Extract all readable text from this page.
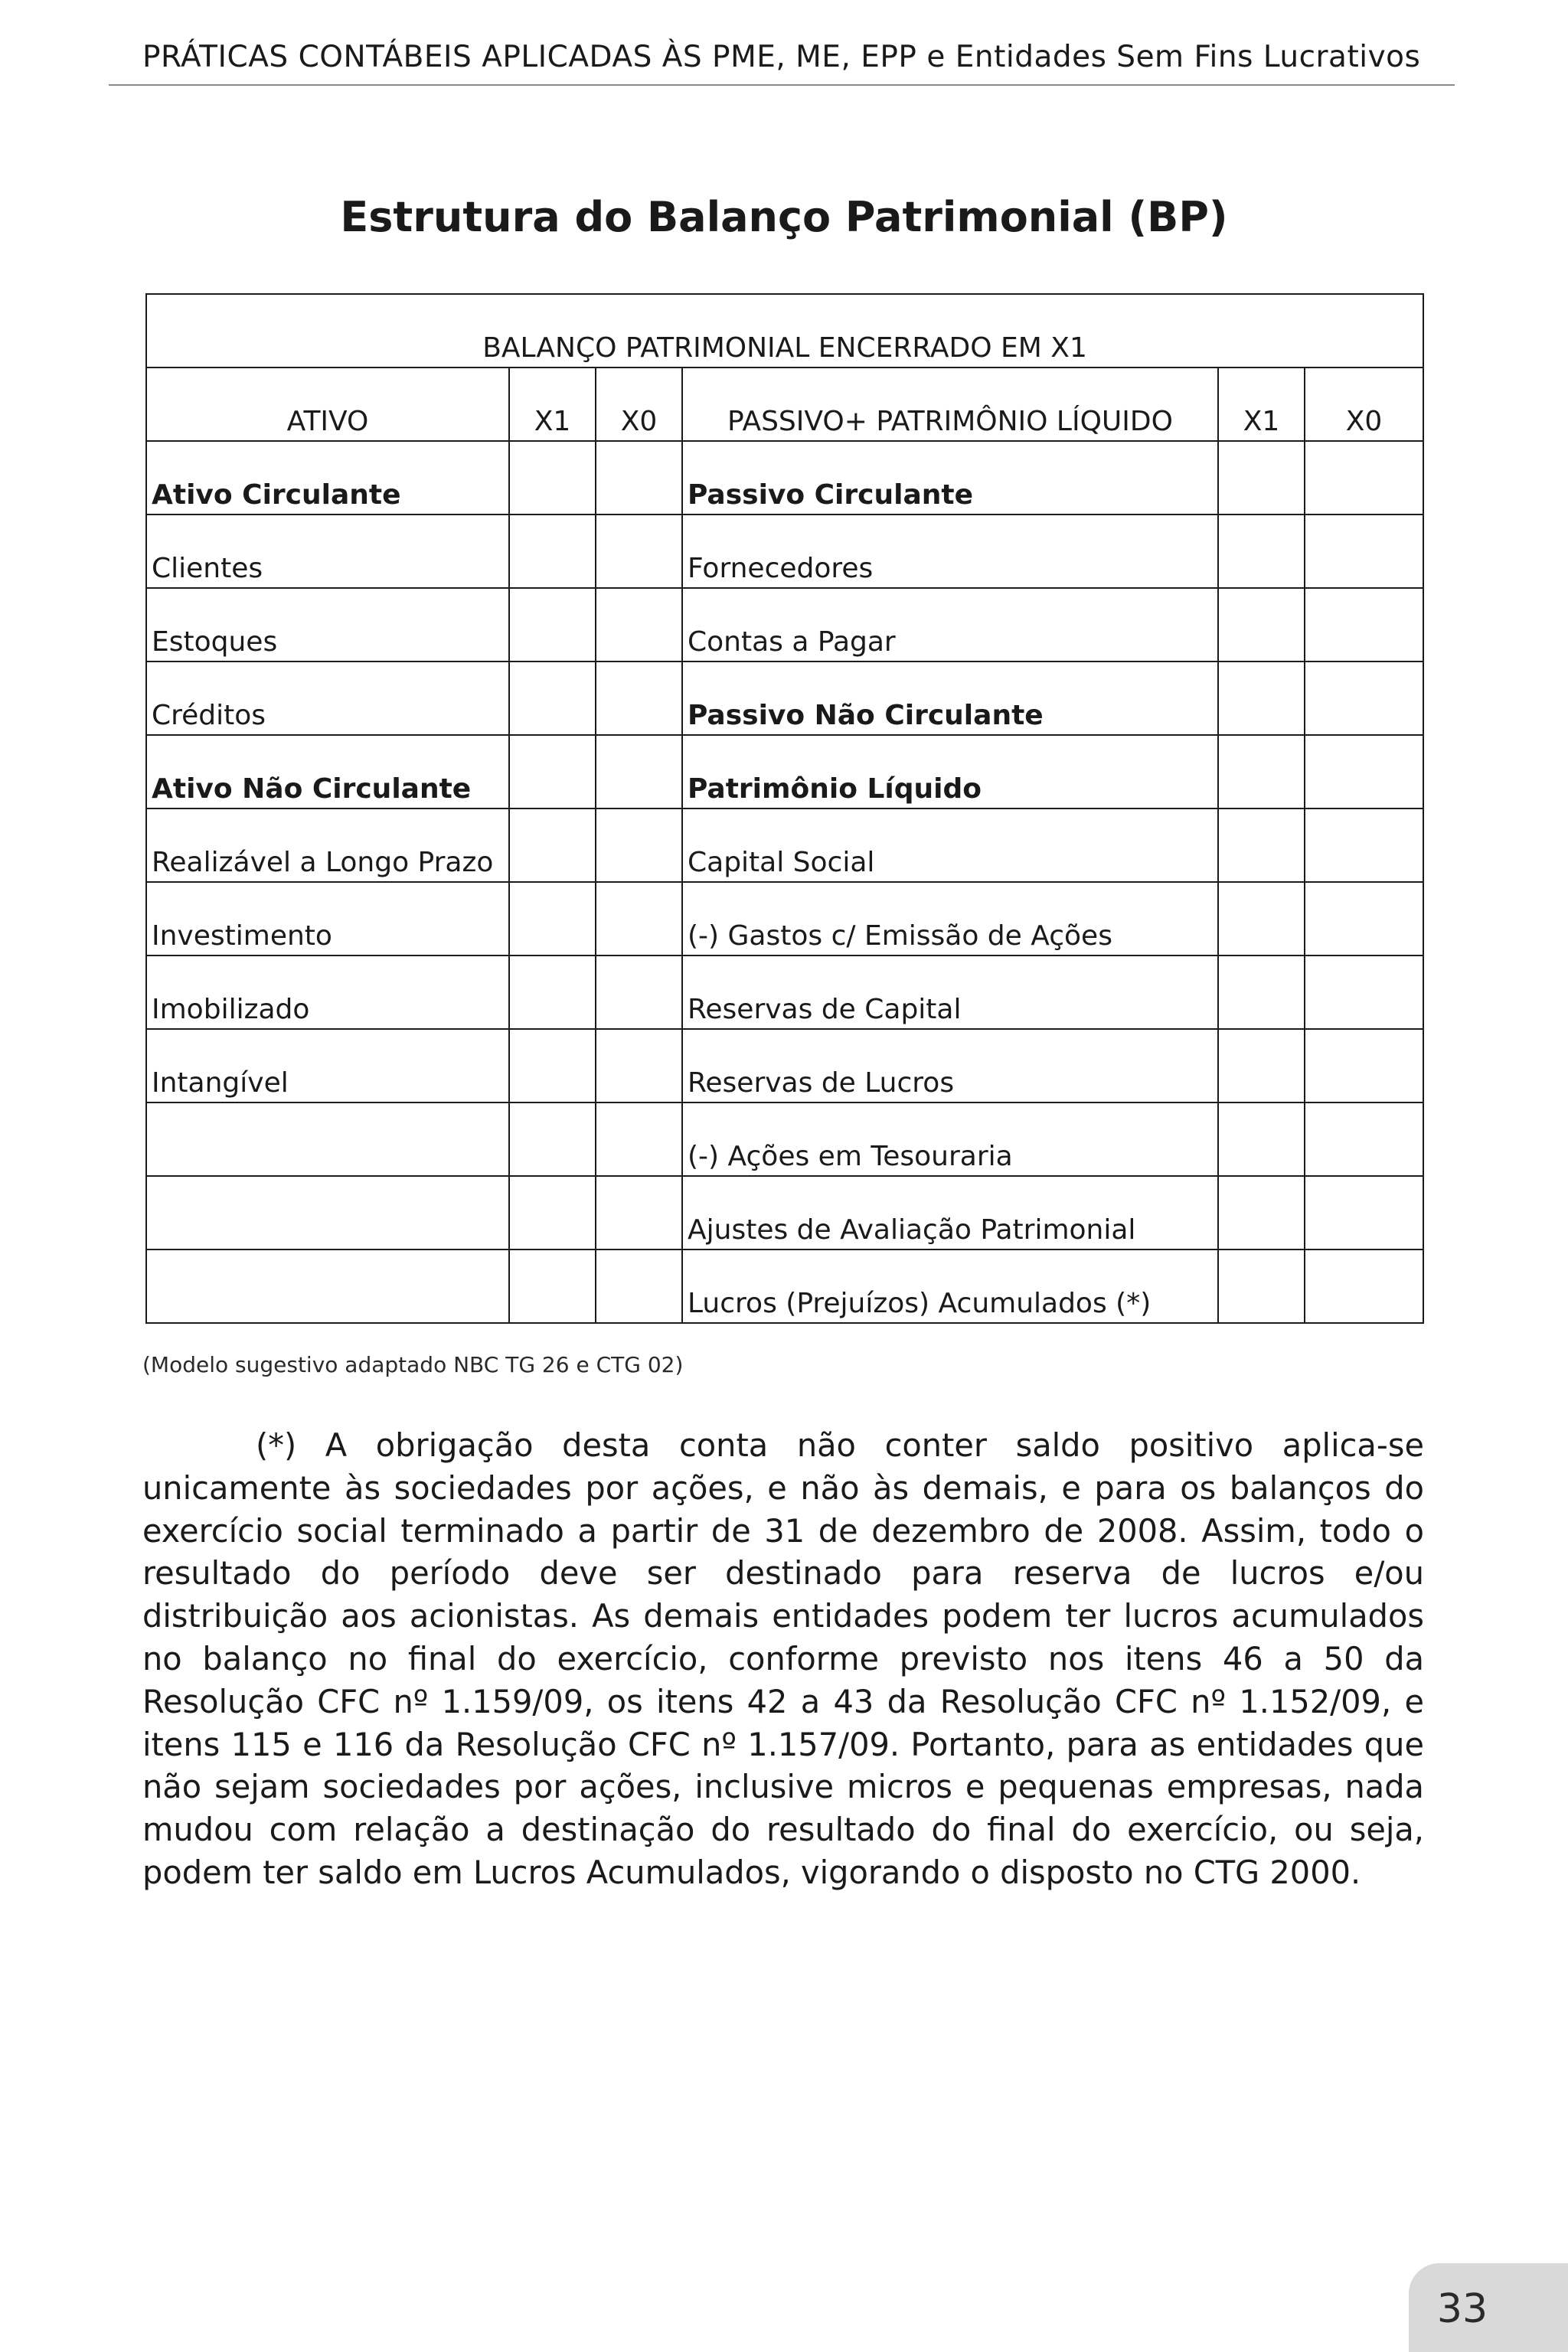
PRÁTICAS CONTÁBEIS APLICADAS ÀS PME, ME, EPP e Entidades Sem Fins Lucrativos
Estrutura do Balanço Patrimonial (BP)
BALANÇO PATRIMONIAL ENCERRADO EM X1					
ATIVO	X1	X0	PASSIVO+ PATRIMÔNIO LÍQUIDO	X1	X0
Ativo Circulante			Passivo Circulante		
Clientes			Fornecedores		
Estoques			Contas a Pagar		
Créditos			Passivo Não Circulante		
Ativo Não Circulante			Patrimônio Líquido		
Realizável a Longo Prazo			Capital Social		
Investimento			(-) Gastos c/ Emissão de Ações		
Imobilizado			Reservas de Capital		
Intangível			Reservas de Lucros		
			(-) Ações em Tesouraria		
			Ajustes de Avaliação Patrimonial		
			Lucros (Prejuízos) Acumulados (*)		
(Modelo sugestivo adaptado NBC TG 26 e CTG 02)
(*) A obrigação desta conta não conter saldo positivo aplica-se unicamente às sociedades por ações, e não às demais, e para os balanços do exercício social terminado a partir de 31 de dezembro de 2008. Assim, todo o resultado do período deve ser destinado para reserva de lucros e/ou distribuição aos acionistas. As demais entidades podem ter lucros acumulados no balanço no final do exercício, conforme previsto nos itens 46 a 50 da Resolução CFC nº 1.159/09, os itens 42 a 43 da Resolução CFC nº 1.152/09, e itens 115 e 116 da Resolução CFC nº 1.157/09. Portanto, para as entidades que não sejam sociedades por ações, inclusive micros e pequenas empresas, nada mudou com relação a destinação do resultado do final do exercício, ou seja, podem ter saldo em Lucros Acumulados, vigorando o disposto no CTG 2000.
33
